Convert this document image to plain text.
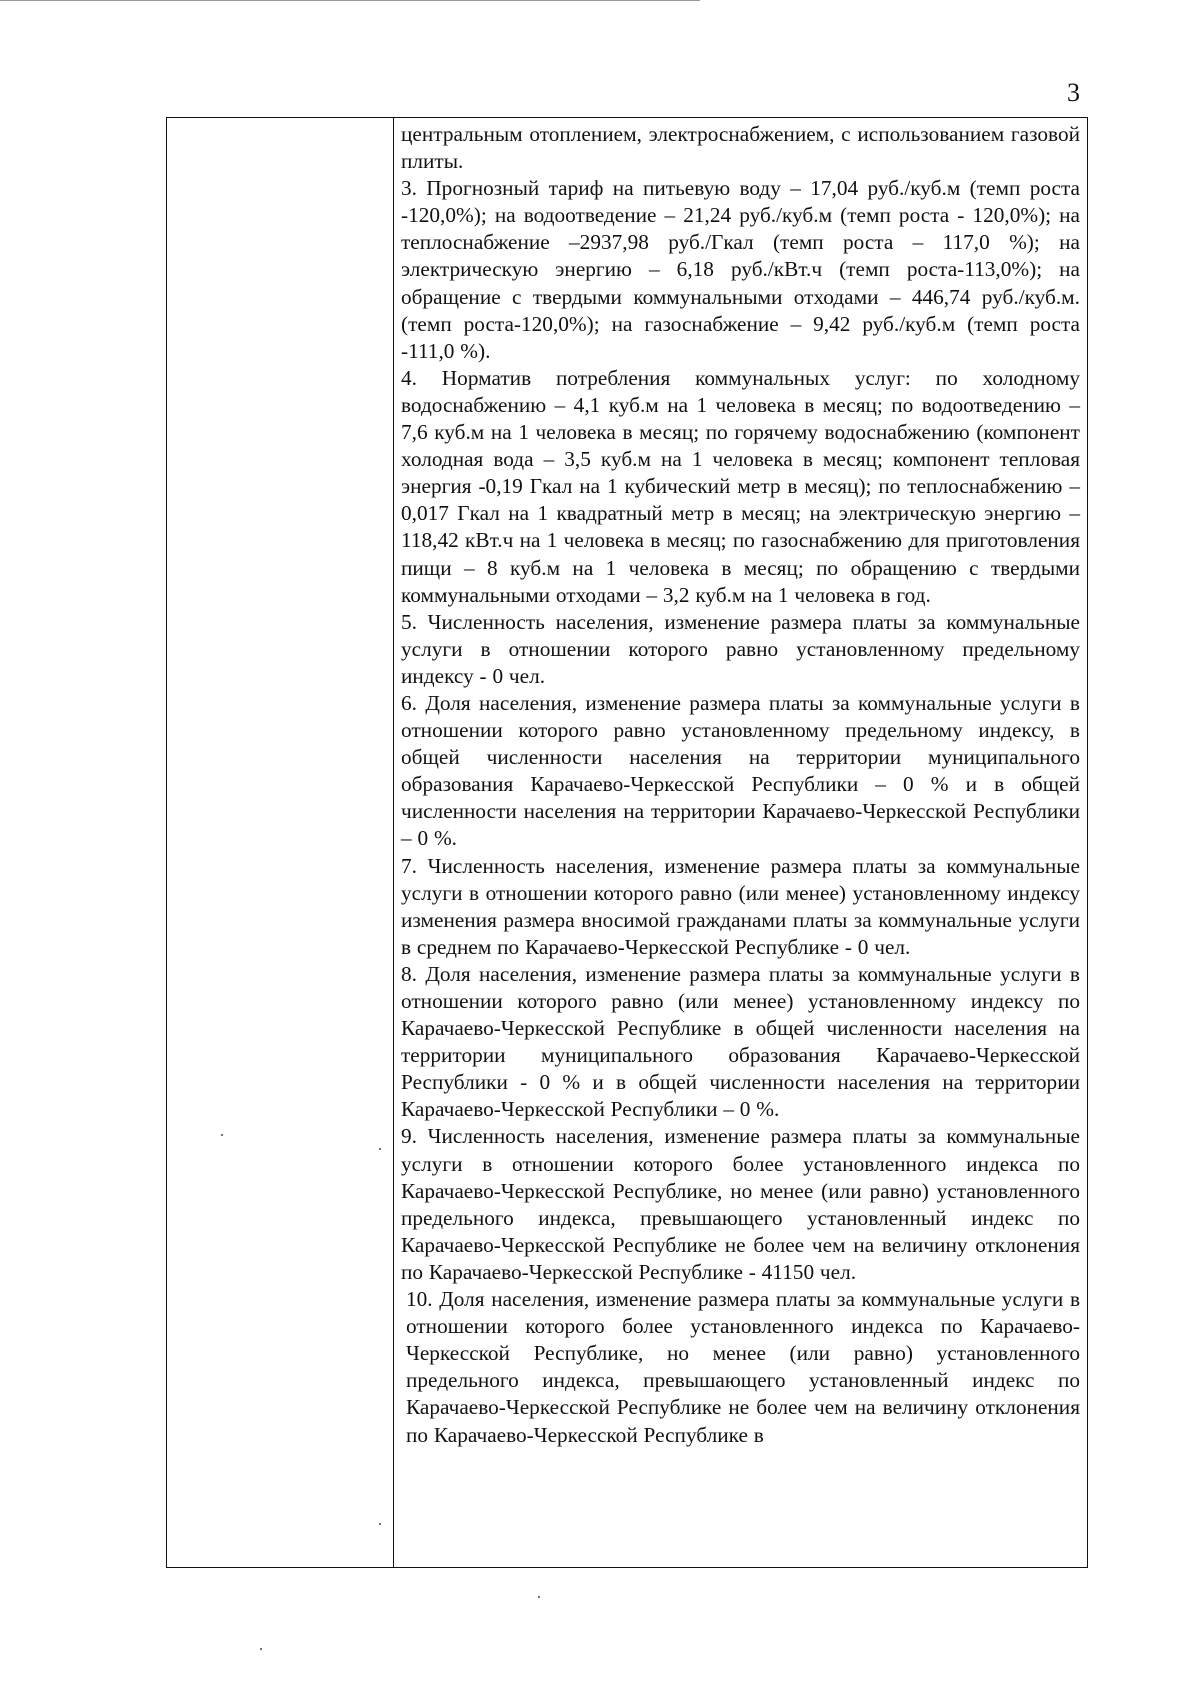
3

центральным отоплением, электроснабжением, с использованием газовой плиты.

3. Прогнозный тариф на питьевую воду – 17,04 руб./куб.м (темп роста -120,0%); на водоотведение – 21,24 руб./куб.м (темп роста - 120,0%); на теплоснабжение –2937,98 руб./Гкал (темп роста – 117,0 %); на электрическую энергию – 6,18 руб./кВт.ч (темп роста-113,0%); на обращение с твердыми коммунальными отходами – 446,74 руб./куб.м. (темп роста-120,0%); на газоснабжение – 9,42 руб./куб.м (темп роста -111,0 %).

4. Норматив потребления коммунальных услуг: по холодному водоснабжению – 4,1 куб.м на 1 человека в месяц; по водоотведению – 7,6 куб.м на 1 человека в месяц; по горячему водоснабжению (компонент холодная вода – 3,5 куб.м на 1 человека в месяц; компонент тепловая энергия -0,19 Гкал на 1 кубический метр в месяц); по теплоснабжению – 0,017 Гкал на 1 квадратный метр в месяц; на электрическую энергию – 118,42 кВт.ч на 1 человека в месяц; по газоснабжению для приготовления пищи – 8 куб.м на 1 человека в месяц; по обращению с твердыми коммунальными отходами – 3,2 куб.м на 1 человека в год.

5. Численность населения, изменение размера платы за коммунальные услуги в отношении которого равно установленному предельному индексу - 0 чел.

6. Доля населения, изменение размера платы за коммунальные услуги в отношении которого равно установленному предельному индексу, в общей численности населения на территории муниципального образования Карачаево-Черкесской Республики – 0 % и в общей численности населения на территории Карачаево-Черкесской Республики – 0 %.

7. Численность населения, изменение размера платы за коммунальные услуги в отношении которого равно (или менее) установленному индексу изменения размера вносимой гражданами платы за коммунальные услуги в среднем по Карачаево-Черкесской Республике - 0 чел.

8. Доля населения, изменение размера платы за коммунальные услуги в отношении которого равно (или менее) установленному индексу по Карачаево-Черкесской Республике в общей численности населения на территории муниципального образования Карачаево-Черкесской Республики - 0 % и в общей численности населения на территории Карачаево-Черкесской Республики – 0 %.

9. Численность населения, изменение размера платы за коммунальные услуги в отношении которого более установленного индекса по Карачаево-Черкесской Республике, но менее (или равно) установленного предельного индекса, превышающего установленный индекс по Карачаево-Черкесской Республике не более чем на величину отклонения по Карачаево-Черкесской Республике - 41150 чел.

10. Доля населения, изменение размера платы за коммунальные услуги в отношении которого более установленного индекса по Карачаево-Черкесской Республике, но менее (или равно) установленного предельного индекса, превышающего установленный индекс по Карачаево-Черкесской Республике не более чем на величину отклонения по Карачаево-Черкесской Республике в
